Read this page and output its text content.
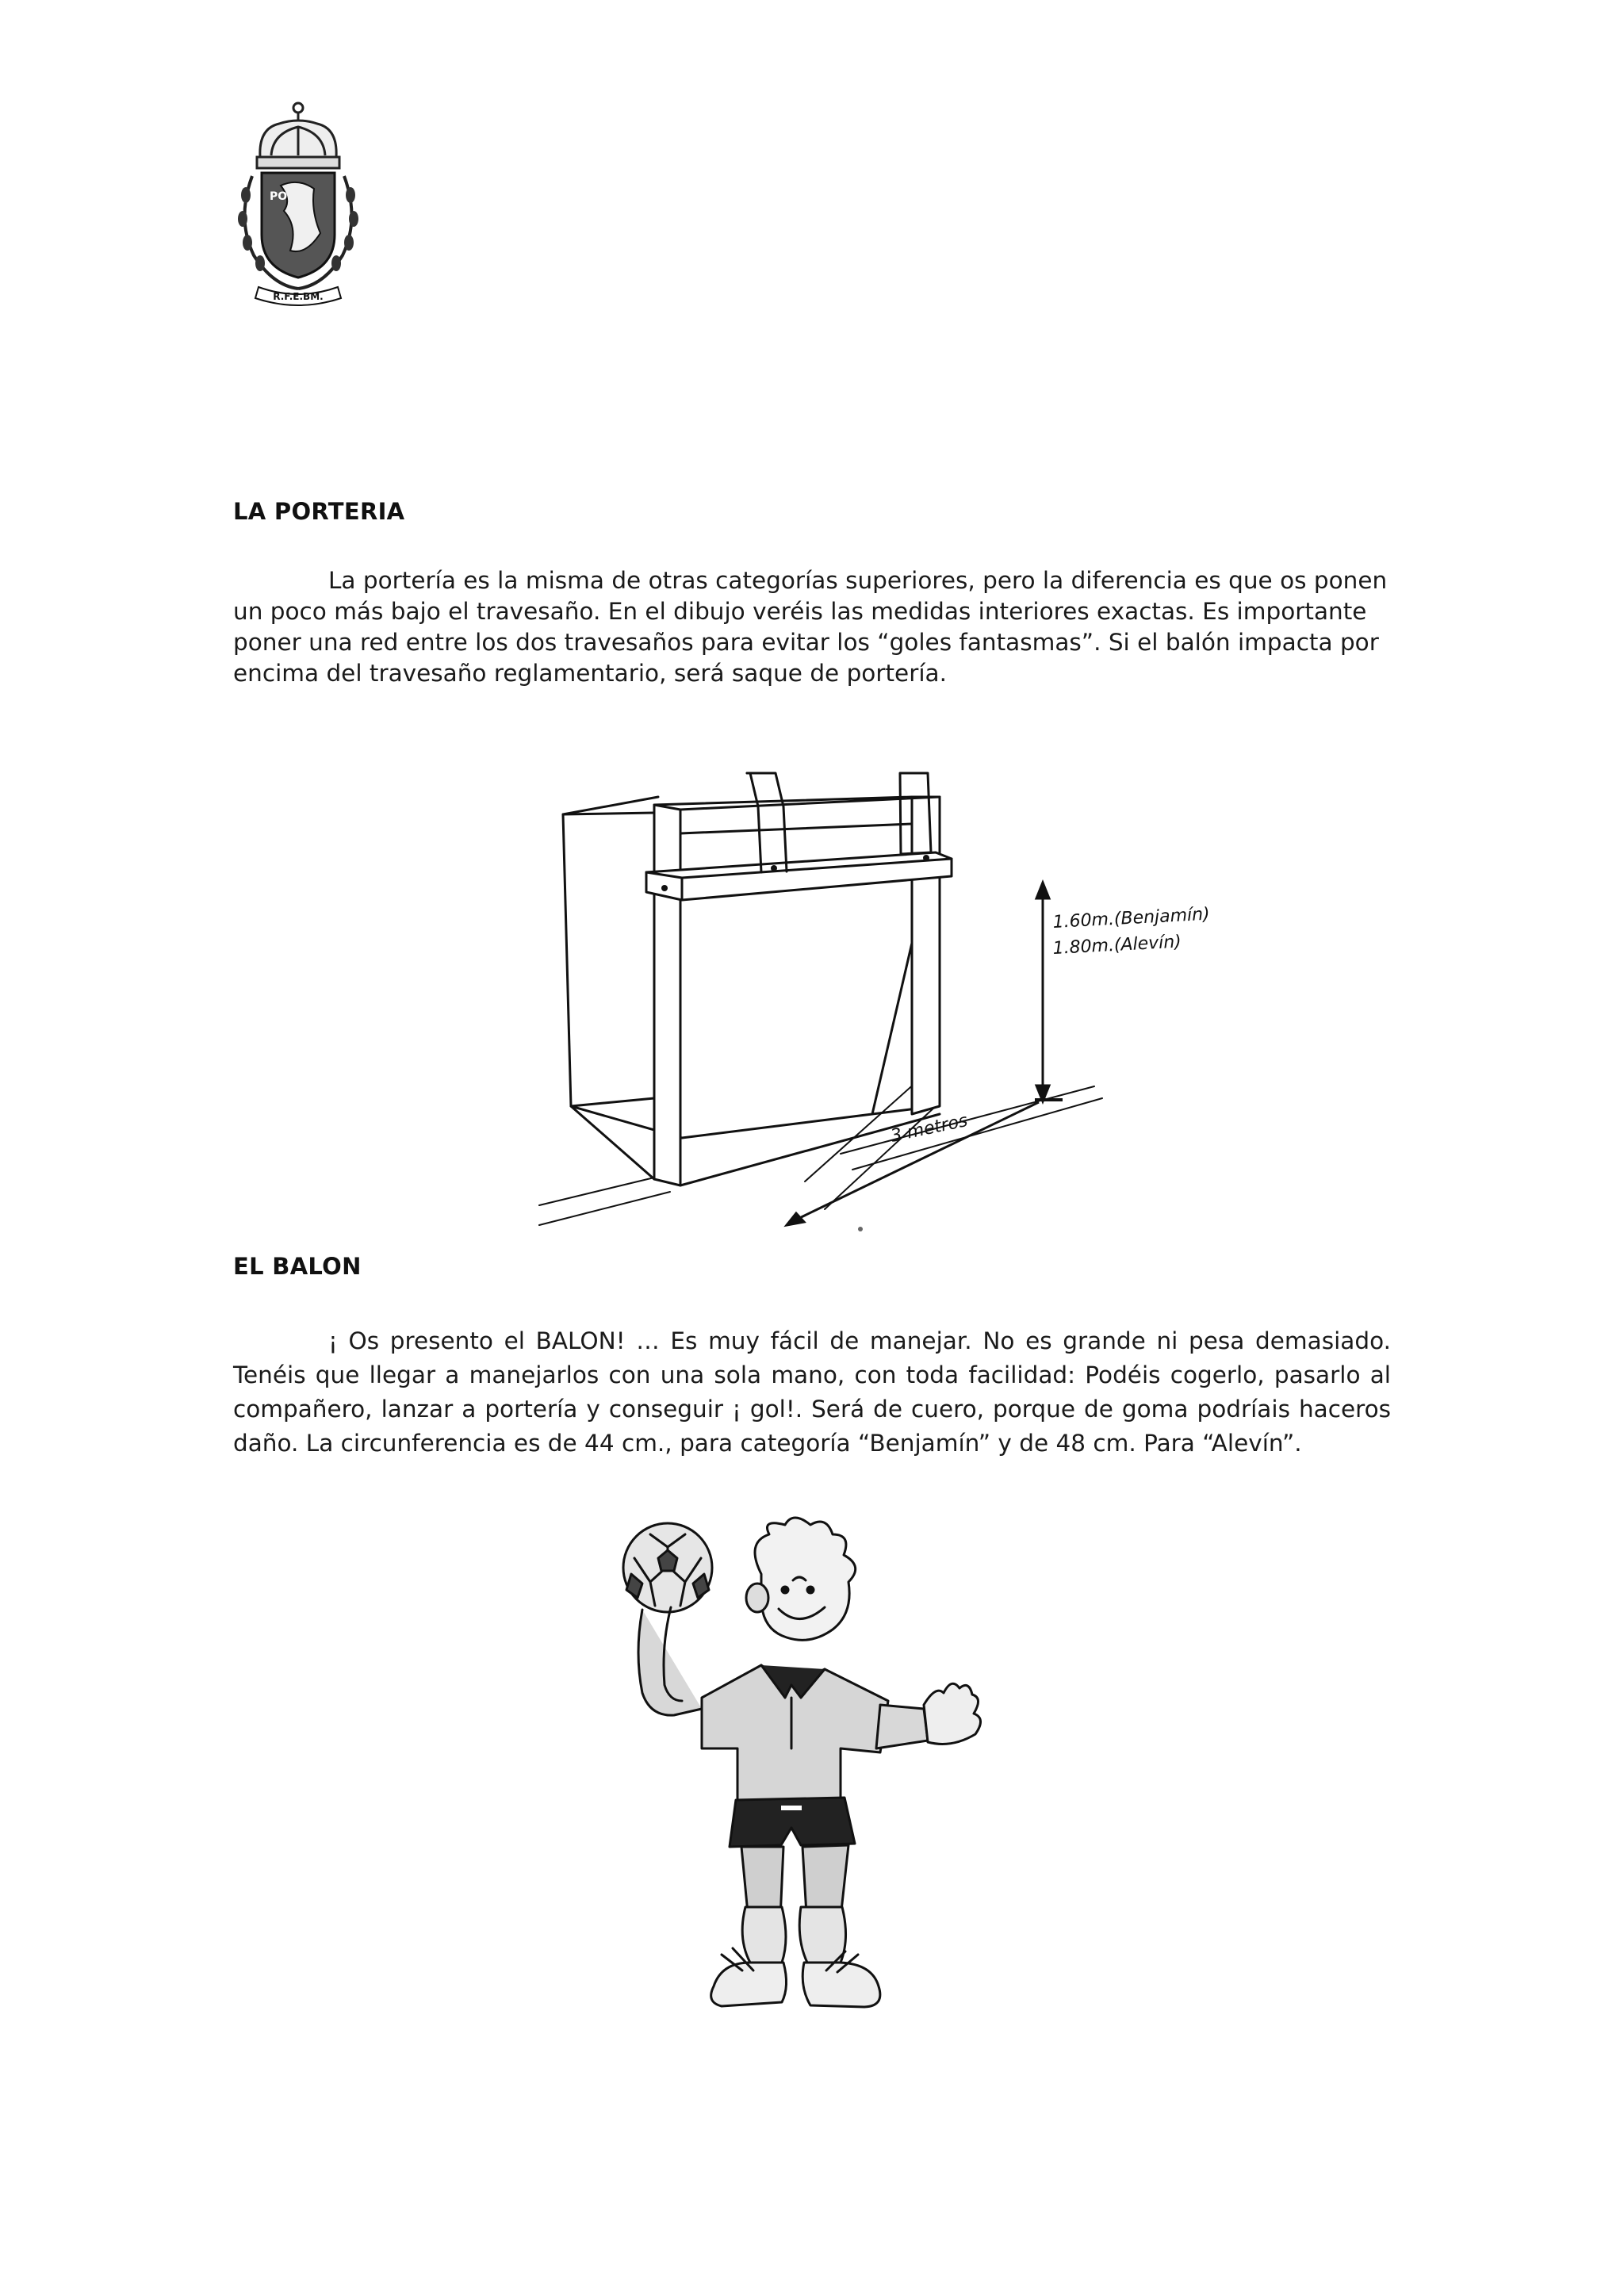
PO
R.F.E.BM.
LA PORTERIA

La portería es la misma de otras categorías superiores, pero la diferencia es que os ponen un poco más bajo el travesaño. En el dibujo veréis las medidas interiores exactas. Es importante poner una red entre los dos travesaños para evitar los “goles fantasmas”. Si el balón impacta por encima del travesaño reglamentario, será saque de portería.

1.60m.(Benjamín)
1.80m.(Alevín)
3 metros
EL BALON

¡ Os presento el BALON! … Es muy fácil de manejar. No es grande ni pesa demasiado. Tenéis que llegar a manejarlos con una sola mano, con toda facilidad: Podéis cogerlo, pasarlo al compañero, lanzar a portería y conseguir ¡ gol!. Será de cuero, porque de goma podríais haceros daño. La circunferencia es de 44 cm., para categoría “Benjamín” y de 48 cm. Para “Alevín”.
